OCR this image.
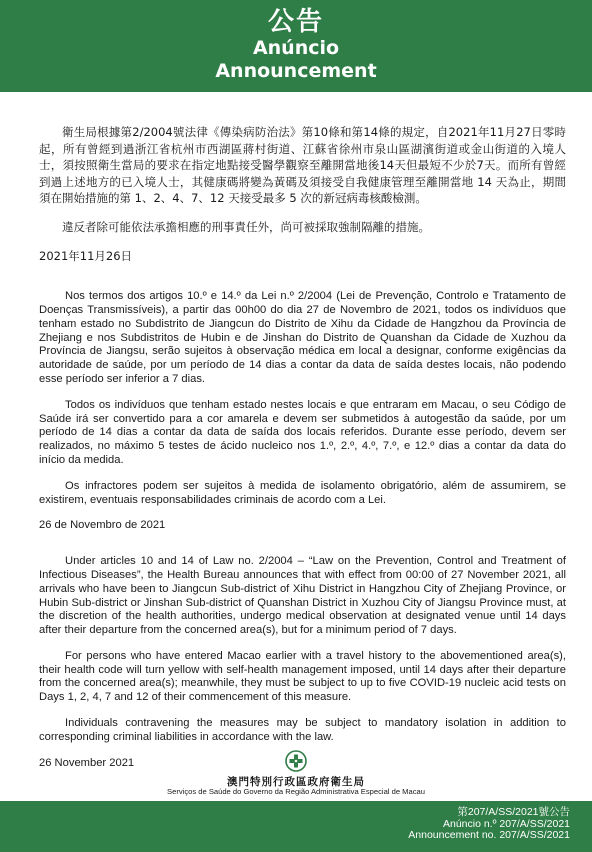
公告
Anúncio
Announcement

衛生局根據第2/2004號法律《傳染病防治法》第10條和第14條的規定，自2021年11月27日零時起，所有曾經到過浙江省杭州市西湖區蔣村街道、江蘇省徐州市泉山區湖濱街道或金山街道的入境人士，須按照衛生當局的要求在指定地點接受醫學觀察至離開當地後14天但最短不少於7天。而所有曾經到過上述地方的已入境人士，其健康碼將變為黃碼及須接受自我健康管理至離開當地 14 天為止，期間須在開始措施的第 1、2、4、7、12 天接受最多 5 次的新冠病毒核酸檢測。

違反者除可能依法承擔相應的刑事責任外，尚可被採取強制隔離的措施。

2021年11月26日

Nos termos dos artigos 10.º e 14.º da Lei n.º 2/2004 (Lei de Prevenção, Controlo e Tratamento de Doenças Transmissíveis), a partir das 00h00 do dia 27 de Novembro de 2021, todos os indivíduos que tenham estado no Subdistrito de Jiangcun do Distrito de Xihu da Cidade de Hangzhou da Província de Zhejiang e nos Subdistritos de Hubin e de Jinshan do Distrito de Quanshan da Cidade de Xuzhou da Província de Jiangsu, serão sujeitos à observação médica em local a designar, conforme exigências da autoridade de saúde, por um período de 14 dias a contar da data de saída destes locais, não podendo esse período ser inferior a 7 dias.

Todos os indivíduos que tenham estado nestes locais e que entraram em Macau, o seu Código de Saúde irá ser convertido para a cor amarela e devem ser submetidos à autogestão da saúde, por um período de 14 dias a contar da data de saída dos locais referidos. Durante esse período, devem ser realizados, no máximo 5 testes de ácido nucleico nos 1.º, 2.º, 4.º, 7.º, e 12.º dias a contar da data do início da medida.

Os infractores podem ser sujeitos à medida de isolamento obrigatório, além de assumirem, se existirem, eventuais responsabilidades criminais de acordo com a Lei.

26 de Novembro de 2021

Under articles 10 and 14 of Law no. 2/2004 – “Law on the Prevention, Control and Treatment of Infectious Diseases”, the Health Bureau announces that with effect from 00:00 of 27 November 2021, all arrivals who have been to Jiangcun Sub-district of Xihu District in Hangzhou City of Zhejiang Province, or Hubin Sub-district or Jinshan Sub-district of Quanshan District in Xuzhou City of Jiangsu Province must, at the discretion of the health authorities, undergo medical observation at designated venue until 14 days after their departure from the concerned area(s), but for a minimum period of 7 days.

For persons who have entered Macao earlier with a travel history to the abovementioned area(s), their health code will turn yellow with self-health management imposed, until 14 days after their departure from the concerned area(s); meanwhile, they must be subject to up to five COVID-19 nucleic acid tests on Days 1, 2, 4, 7 and 12 of their commencement of this measure.

Individuals contravening the measures may be subject to mandatory isolation in addition to corresponding criminal liabilities in accordance with the law.

26 November 2021

澳門特別行政區政府衛生局
Serviços de Saúde do Governo da Região Administrativa Especial de Macau
第207/A/SS/2021號公告
Anúncio n.º 207/A/SS/2021
Announcement no. 207/A/SS/2021
